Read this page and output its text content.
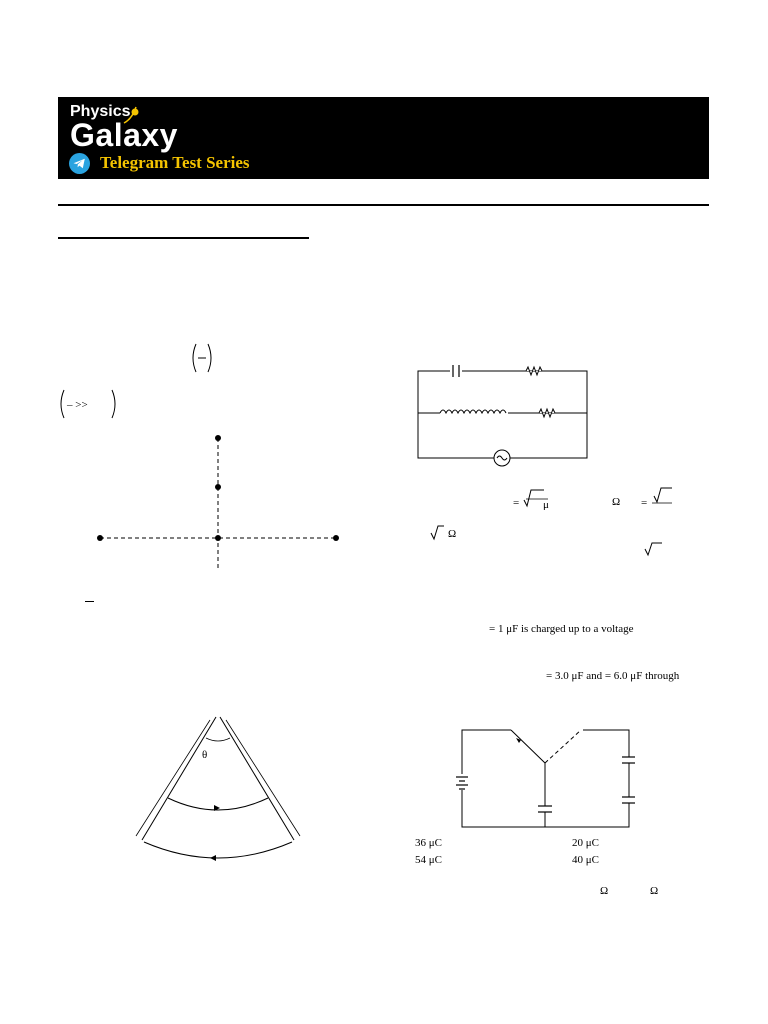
Physics
Galaxy
Telegram Test Series
– >>
θ
= μ	Ω =
Ω
= 1 μF is charged up to a voltage
= 3.0 μF and = 6.0 μF through
36 μC	20 μC
54 μC	40 μC
Ω	Ω
